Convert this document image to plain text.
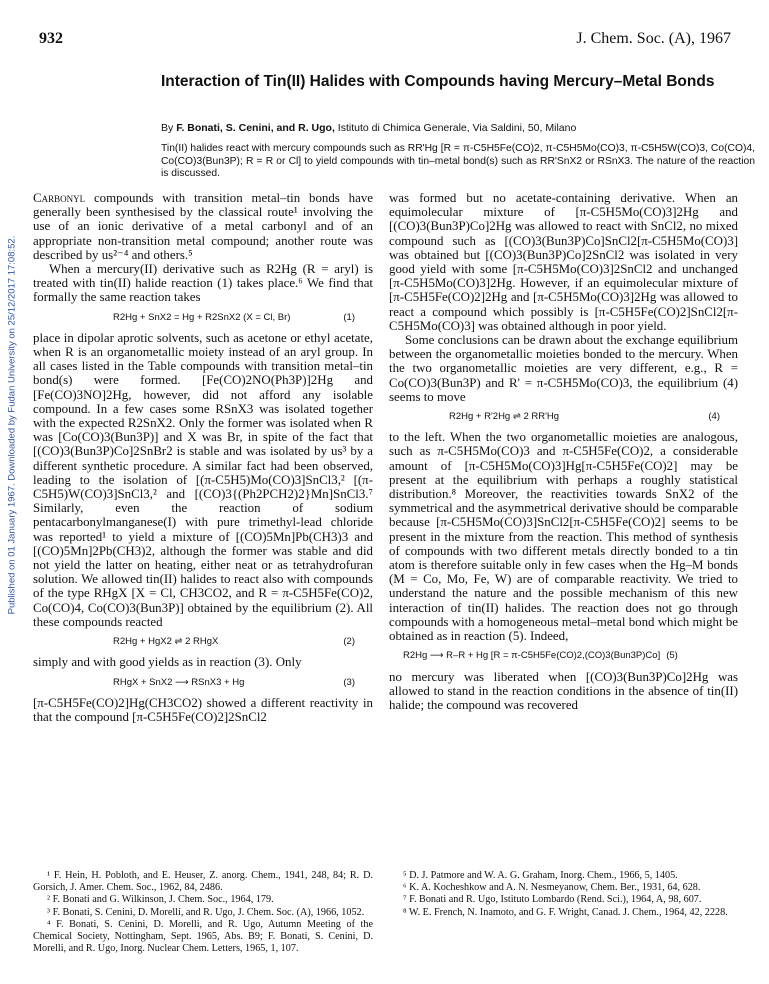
932	J. Chem. Soc. (A), 1967
Published on 01 January 1967. Downloaded by Fudan University on 25/12/2017 17:08:52.
Interaction of Tin(II) Halides with Compounds having Mercury–Metal Bonds
By F. Bonati, S. Cenini, and R. Ugo, Istituto di Chimica Generale, Via Saldini, 50, Milano
Tin(II) halides react with mercury compounds such as RR'Hg [R = π-C5H5Fe(CO)2, π-C5H5Mo(CO)3, π-C5H5W(CO)3, Co(CO)4, Co(CO)3(Bun3P); R = R or Cl] to yield compounds with tin–metal bond(s) such as RR'SnX2 or RSnX3. The nature of the reaction is discussed.

Carbonyl compounds with transition metal–tin bonds have generally been synthesised by the classical route¹ involving the use of an ionic derivative of a metal carbonyl and of an appropriate non-transition metal compound; another route was described by us²⁻⁴ and others.⁵

When a mercury(II) derivative such as R2Hg (R = aryl) is treated with tin(II) halide reaction (1) takes place.⁶ We find that formally the same reaction takes

R2Hg + SnX2 = Hg + R2SnX2 (X = Cl, Br)	(1)

place in dipolar aprotic solvents, such as acetone or ethyl acetate, when R is an organometallic moiety instead of an aryl group. In all cases listed in the Table compounds with transition metal–tin bond(s) were formed. [Fe(CO)2NO(Ph3P)]2Hg and [Fe(CO)3NO]2Hg, however, did not afford any isolable compound. In a few cases some RSnX3 was isolated together with the expected R2SnX2. Only the former was isolated when R was [Co(CO)3(Bun3P)] and X was Br, in spite of the fact that [(CO)3(Bun3P)Co]2SnBr2 is stable and was isolated by us³ by a different synthetic procedure. A similar fact had been observed, leading to the isolation of [(π-C5H5)Mo(CO)3]SnCl3,² [(π-C5H5)W(CO)3]SnCl3,² and [(CO)3{(Ph2PCH2)2}Mn]SnCl3.⁷ Similarly, even the reaction of sodium pentacarbonylmanganese(I) with pure trimethyl-lead chloride was reported¹ to yield a mixture of [(CO)5Mn]Pb(CH3)3 and [(CO)5Mn]2Pb(CH3)2, although the former was stable and did not yield the latter on heating, either neat or as tetrahydrofuran solution. We allowed tin(II) halides to react also with compounds of the type RHgX [X = Cl, CH3CO2, and R = π-C5H5Fe(CO)2, Co(CO)4, Co(CO)3(Bun3P)] obtained by the equilibrium (2). All these compounds reacted

R2Hg + HgX2 ⇌ 2 RHgX	(2)

simply and with good yields as in reaction (3). Only

RHgX + SnX2 ⟶ RSnX3 + Hg	(3)

[π-C5H5Fe(CO)2]Hg(CH3CO2) showed a different reactivity in that the compound [π-C5H5Fe(CO)2]2SnCl2

was formed but no acetate-containing derivative. When an equimolecular mixture of [π-C5H5Mo(CO)3]2Hg and [(CO)3(Bun3P)Co]2Hg was allowed to react with SnCl2, no mixed compound such as [(CO)3(Bun3P)Co]SnCl2[π-C5H5Mo(CO)3] was obtained but [(CO)3(Bun3P)Co]2SnCl2 was isolated in very good yield with some [π-C5H5Mo(CO)3]2SnCl2 and unchanged [π-C5H5Mo(CO)3]2Hg. However, if an equimolecular mixture of [π-C5H5Fe(CO)2]2Hg and [π-C5H5Mo(CO)3]2Hg was allowed to react a compound which possibly is [π-C5H5Fe(CO)2]SnCl2[π-C5H5Mo(CO)3] was obtained although in poor yield.

Some conclusions can be drawn about the exchange equilibrium between the organometallic moieties bonded to the mercury. When the two organometallic moieties are very different, e.g., R = Co(CO)3(Bun3P) and R' = π-C5H5Mo(CO)3, the equilibrium (4) seems to move

R2Hg + R'2Hg ⇌ 2 RR'Hg	(4)

to the left. When the two organometallic moieties are analogous, such as π-C5H5Mo(CO)3 and π-C5H5Fe(CO)2, a considerable amount of [π-C5H5Mo(CO)3]Hg[π-C5H5Fe(CO)2] may be present at the equilibrium with perhaps a roughly statistical distribution.⁸ Moreover, the reactivities towards SnX2 of the symmetrical and the asymmetrical derivative should be comparable because [π-C5H5Mo(CO)3]SnCl2[π-C5H5Fe(CO)2] seems to be present in the mixture from the reaction. This method of synthesis of compounds with two different metals directly bonded to a tin atom is therefore suitable only in few cases when the Hg–M bonds (M = Co, Mo, Fe, W) are of comparable reactivity. We tried to understand the nature and the possible mechanism of this new interaction of tin(II) halides. The reaction does not go through compounds with a homogeneous metal–metal bond which might be obtained as in reaction (5). Indeed,

R2Hg ⟶ R–R + Hg [R = π-C5H5Fe(CO)2,(CO)3(Bun3P)Co] (5)

no mercury was liberated when [(CO)3(Bun3P)Co]2Hg was allowed to stand in the reaction conditions in the absence of tin(II) halide; the compound was recovered

¹ F. Hein, H. Pobloth, and E. Heuser, Z. anorg. Chem., 1941, 248, 84; R. D. Gorsich, J. Amer. Chem. Soc., 1962, 84, 2486.

² F. Bonati and G. Wilkinson, J. Chem. Soc., 1964, 179.

³ F. Bonati, S. Cenini, D. Morelli, and R. Ugo, J. Chem. Soc. (A), 1966, 1052.

⁴ F. Bonati, S. Cenini, D. Morelli, and R. Ugo, Autumn Meeting of the Chemical Society, Nottingham, Sept. 1965, Abs. B9; F. Bonati, S. Cenini, D. Morelli, and R. Ugo, Inorg. Nuclear Chem. Letters, 1965, 1, 107.

⁵ D. J. Patmore and W. A. G. Graham, Inorg. Chem., 1966, 5, 1405.

⁶ K. A. Kocheshkow and A. N. Nesmeyanow, Chem. Ber., 1931, 64, 628.

⁷ F. Bonati and R. Ugo, Istituto Lombardo (Rend. Sci.), 1964, A, 98, 607.

⁸ W. E. French, N. Inamoto, and G. F. Wright, Canad. J. Chem., 1964, 42, 2228.
